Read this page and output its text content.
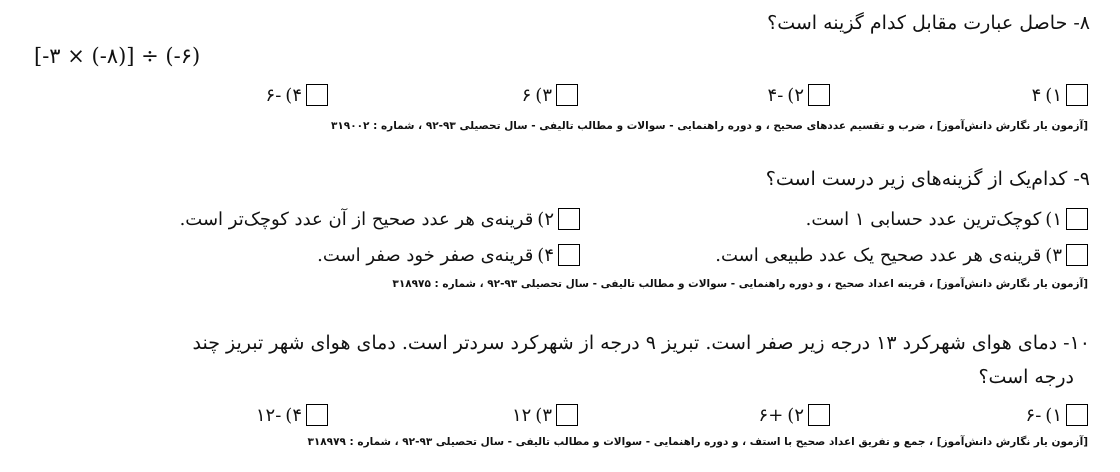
۸- حاصل عبارت مقابل کدام گزینه است؟
[-۳ × (-۸)] ÷ (-۶)
۱)
۴
۲)
-۴
۳)
۶
۴)
-۶
[آزمون یار نگارش دانش‌آموز] ، ضرب و تقسیم عددهای صحیح ، و دوره راهنمایی - سوالات و مطالب تالیفی - سال تحصیلی ۹۳-۹۲ ، شماره : ۳۱۹۰۰۲
۹- کدام‌یک از گزینه‌های زیر درست است؟
۱)
کوچک‌ترین عدد حسابی ۱ است.
۲)
قرینه‌ی هر عدد صحیح از آن عدد کوچک‌تر است.
۳)
قرینه‌ی هر عدد صحیح یک عدد طبیعی است.
۴)
قرینه‌ی صفر خود صفر است.
[آزمون یار نگارش دانش‌آموز] ، قرینه اعداد صحیح ، و دوره راهنمایی - سوالات و مطالب تالیفی - سال تحصیلی ۹۳-۹۲ ، شماره : ۳۱۸۹۷۵
۱۰- دمای هوای شهرکرد ۱۳ درجه زیر صفر است. تبریز ۹ درجه از شهرکرد سردتر است. دمای هوای شهر تبریز چند
درجه است؟
۱)
-۶
۲)
+۶
۳)
۱۲
۴)
-۱۲
[آزمون یار نگارش دانش‌آموز] ، جمع و تفریق اعداد صحیح با استف ، و دوره راهنمایی - سوالات و مطالب تالیفی - سال تحصیلی ۹۳-۹۲ ، شماره : ۳۱۸۹۷۹
